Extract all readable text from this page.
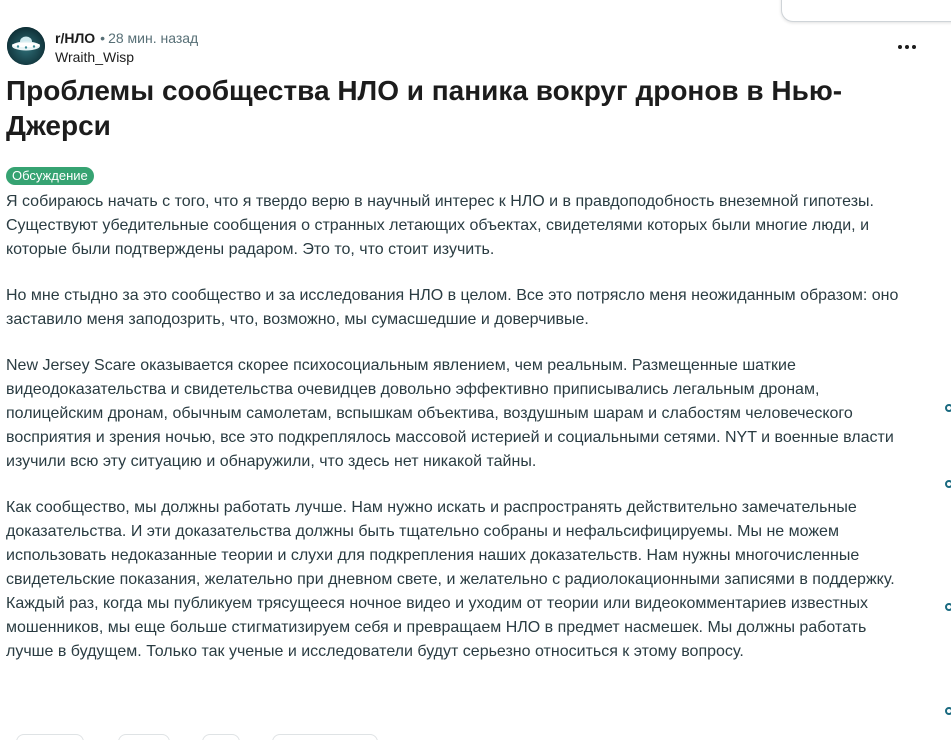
r/НЛО • 28 мин. назад
Wraith_Wisp
Проблемы сообщества НЛО и паника вокруг дронов в Нью-Джерси
Обсуждение

Я собираюсь начать с того, что я твердо верю в научный интерес к НЛО и в правдоподобность внеземной гипотезы. Существуют убедительные сообщения о странных летающих объектах, свидетелями которых были многие люди, и которые были подтверждены радаром. Это то, что стоит изучить.

Но мне стыдно за это сообщество и за исследования НЛО в целом. Все это потрясло меня неожиданным образом: оно заставило меня заподозрить, что, возможно, мы сумасшедшие и доверчивые.

New Jersey Scare оказывается скорее психосоциальным явлением, чем реальным. Размещенные шаткие видеодоказательства и свидетельства очевидцев довольно эффективно приписывались легальным дронам, полицейским дронам, обычным самолетам, вспышкам объектива, воздушным шарам и слабостям человеческого восприятия и зрения ночью, все это подкреплялось массовой истерией и социальными сетями. NYT и военные власти изучили всю эту ситуацию и обнаружили, что здесь нет никакой тайны.

Как сообщество, мы должны работать лучше. Нам нужно искать и распространять действительно замечательные доказательства. И эти доказательства должны быть тщательно собраны и нефальсифицируемы. Мы не можем использовать недоказанные теории и слухи для подкрепления наших доказательств. Нам нужны многочисленные свидетельские показания, желательно при дневном свете, и желательно с радиолокационными записями в поддержку. Каждый раз, когда мы публикуем трясущееся ночное видео и уходим от теории или видеокомментариев известных мошенников, мы еще больше стигматизируем себя и превращаем НЛО в предмет насмешек. Мы должны работать лучше в будущем. Только так ученые и исследователи будут серьезно относиться к этому вопросу.
